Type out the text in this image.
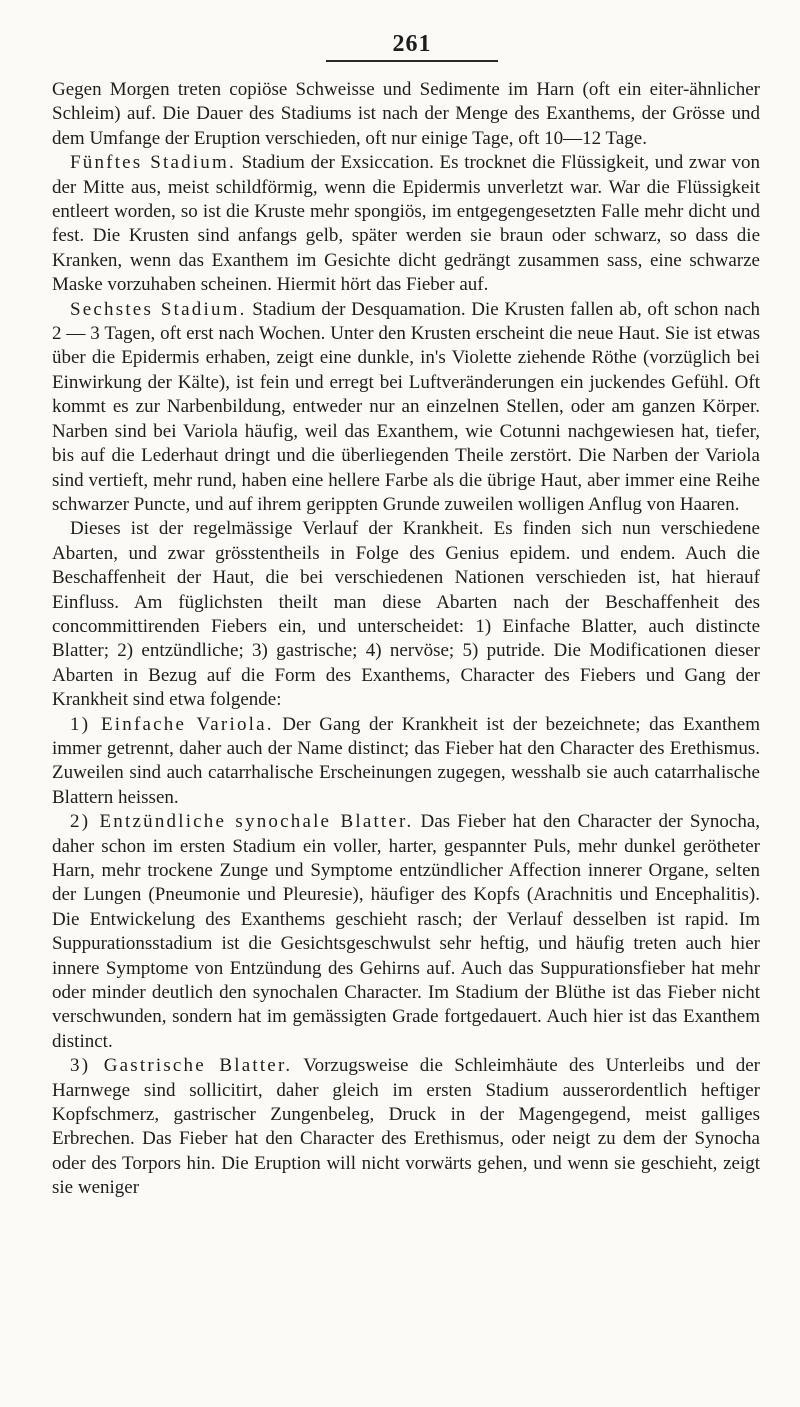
261

Gegen Morgen treten copiöse Schweisse und Sedimente im Harn (oft ein eiter-ähnlicher Schleim) auf. Die Dauer des Stadiums ist nach der Menge des Exanthems, der Grösse und dem Umfange der Eruption verschieden, oft nur einige Tage, oft 10—12 Tage.

Fünftes Stadium. Stadium der Exsiccation. Es trocknet die Flüssigkeit, und zwar von der Mitte aus, meist schildförmig, wenn die Epidermis unverletzt war. War die Flüssigkeit entleert worden, so ist die Kruste mehr spongiös, im entgegengesetzten Falle mehr dicht und fest. Die Krusten sind anfangs gelb, später werden sie braun oder schwarz, so dass die Kranken, wenn das Exanthem im Gesichte dicht gedrängt zusammen sass, eine schwarze Maske vorzuhaben scheinen. Hiermit hört das Fieber auf.

Sechstes Stadium. Stadium der Desquamation. Die Krusten fallen ab, oft schon nach 2 — 3 Tagen, oft erst nach Wochen. Unter den Krusten erscheint die neue Haut. Sie ist etwas über die Epidermis erhaben, zeigt eine dunkle, in's Violette ziehende Röthe (vorzüglich bei Einwirkung der Kälte), ist fein und erregt bei Luftveränderungen ein juckendes Gefühl. Oft kommt es zur Narbenbildung, entweder nur an einzelnen Stellen, oder am ganzen Körper. Narben sind bei Variola häufig, weil das Exanthem, wie Cotunni nachgewiesen hat, tiefer, bis auf die Lederhaut dringt und die überliegenden Theile zerstört. Die Narben der Variola sind vertieft, mehr rund, haben eine hellere Farbe als die übrige Haut, aber immer eine Reihe schwarzer Puncte, und auf ihrem gerippten Grunde zuweilen wolligen Anflug von Haaren.

Dieses ist der regelmässige Verlauf der Krankheit. Es finden sich nun verschiedene Abarten, und zwar grösstentheils in Folge des Genius epidem. und endem. Auch die Beschaffenheit der Haut, die bei verschiedenen Nationen verschieden ist, hat hierauf Einfluss. Am füglichsten theilt man diese Abarten nach der Beschaffenheit des concommittirenden Fiebers ein, und unterscheidet: 1) Einfache Blatter, auch distincte Blatter; 2) entzündliche; 3) gastrische; 4) nervöse; 5) putride. Die Modificationen dieser Abarten in Bezug auf die Form des Exanthems, Character des Fiebers und Gang der Krankheit sind etwa folgende:

1) Einfache Variola. Der Gang der Krankheit ist der bezeichnete; das Exanthem immer getrennt, daher auch der Name distinct; das Fieber hat den Character des Erethismus. Zuweilen sind auch catarrhalische Erscheinungen zugegen, wesshalb sie auch catarrhalische Blattern heissen.

2) Entzündliche synochale Blatter. Das Fieber hat den Character der Synocha, daher schon im ersten Stadium ein voller, harter, gespannter Puls, mehr dunkel gerötheter Harn, mehr trockene Zunge und Symptome entzündlicher Affection innerer Organe, selten der Lungen (Pneumonie und Pleuresie), häufiger des Kopfs (Arachnitis und Encephalitis). Die Entwickelung des Exanthems geschieht rasch; der Verlauf desselben ist rapid. Im Suppurationsstadium ist die Gesichtsgeschwulst sehr heftig, und häufig treten auch hier innere Symptome von Entzündung des Gehirns auf. Auch das Suppurationsfieber hat mehr oder minder deutlich den synochalen Character. Im Stadium der Blüthe ist das Fieber nicht verschwunden, sondern hat im gemässigten Grade fortgedauert. Auch hier ist das Exanthem distinct.

3) Gastrische Blatter. Vorzugsweise die Schleimhäute des Unterleibs und der Harnwege sind sollicitirt, daher gleich im ersten Stadium ausserordentlich heftiger Kopfschmerz, gastrischer Zungenbeleg, Druck in der Magengegend, meist galliges Erbrechen. Das Fieber hat den Character des Erethismus, oder neigt zu dem der Synocha oder des Torpors hin. Die Eruption will nicht vorwärts gehen, und wenn sie geschieht, zeigt sie weniger
